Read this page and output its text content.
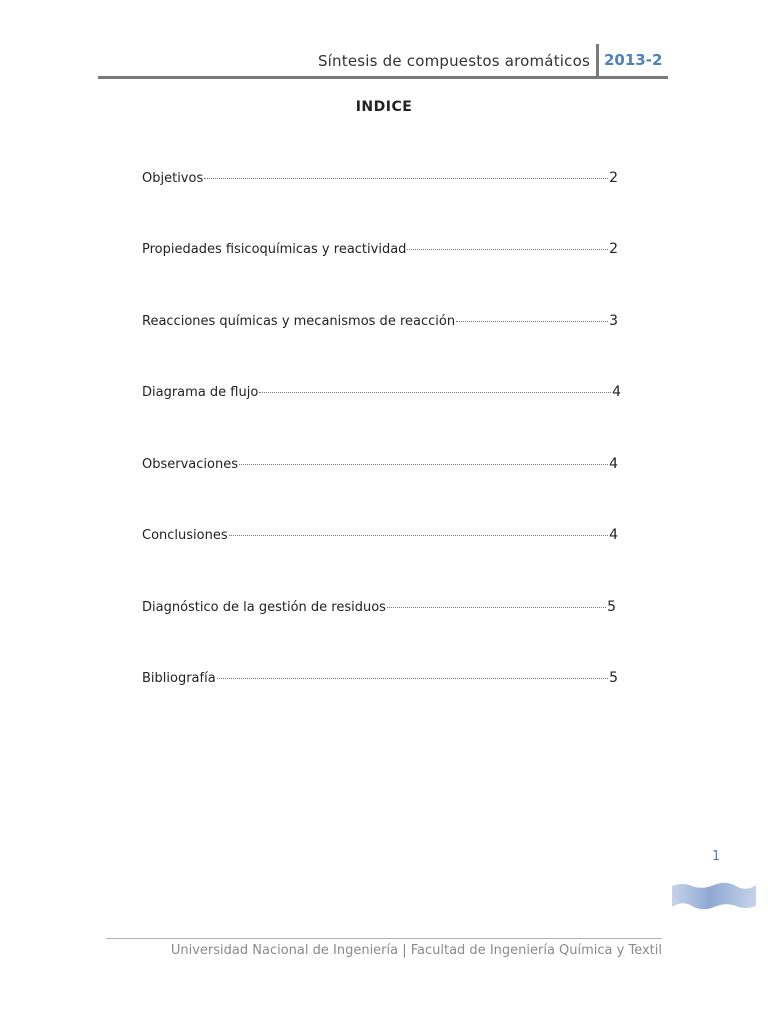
Síntesis de compuestos aromáticos 2013-2
INDICE
Objetivos	2
Propiedades fisicoquímicas y reactividad	2
Reacciones químicas y mecanismos de reacción	3
Diagrama de flujo	4
Observaciones	4
Conclusiones	4
Diagnóstico de la gestión de residuos	5
Bibliografía	5
1
Universidad Nacional de Ingeniería | Facultad de Ingeniería Química y Textil
